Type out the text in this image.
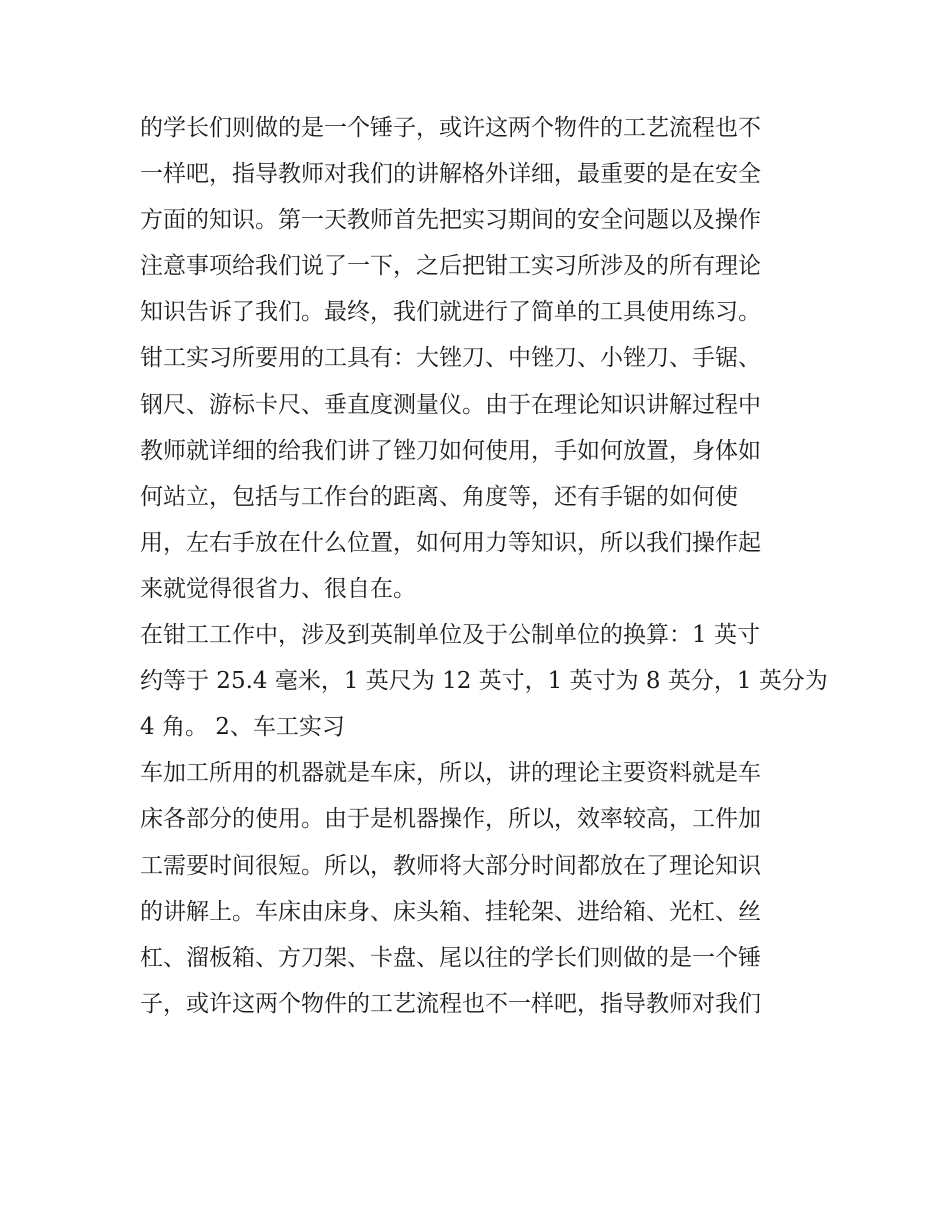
的学长们则做的是一个锤子，或许这两个物件的工艺流程也不
一样吧，指导教师对我们的讲解格外详细，最重要的是在安全
方面的知识。第一天教师首先把实习期间的安全问题以及操作
注意事项给我们说了一下，之后把钳工实习所涉及的所有理论
知识告诉了我们。最终，我们就进行了简单的工具使用练习。
钳工实习所要用的工具有：大锉刀、中锉刀、小锉刀、手锯、
钢尺、游标卡尺、垂直度测量仪。由于在理论知识讲解过程中
教师就详细的给我们讲了锉刀如何使用，手如何放置，身体如
何站立，包括与工作台的距离、角度等，还有手锯的如何使
用，左右手放在什么位置，如何用力等知识，所以我们操作起
来就觉得很省力、很自在。
在钳工工作中，涉及到英制单位及于公制单位的换算：1 英寸
约等于 25.4 毫米，1 英尺为 12 英寸，1 英寸为 8 英分，1 英分为
4 角。 2、车工实习
车加工所用的机器就是车床，所以，讲的理论主要资料就是车
床各部分的使用。由于是机器操作，所以，效率较高，工件加
工需要时间很短。所以，教师将大部分时间都放在了理论知识
的讲解上。车床由床身、床头箱、挂轮架、进给箱、光杠、丝
杠、溜板箱、方刀架、卡盘、尾以往的学长们则做的是一个锤
子，或许这两个物件的工艺流程也不一样吧，指导教师对我们
